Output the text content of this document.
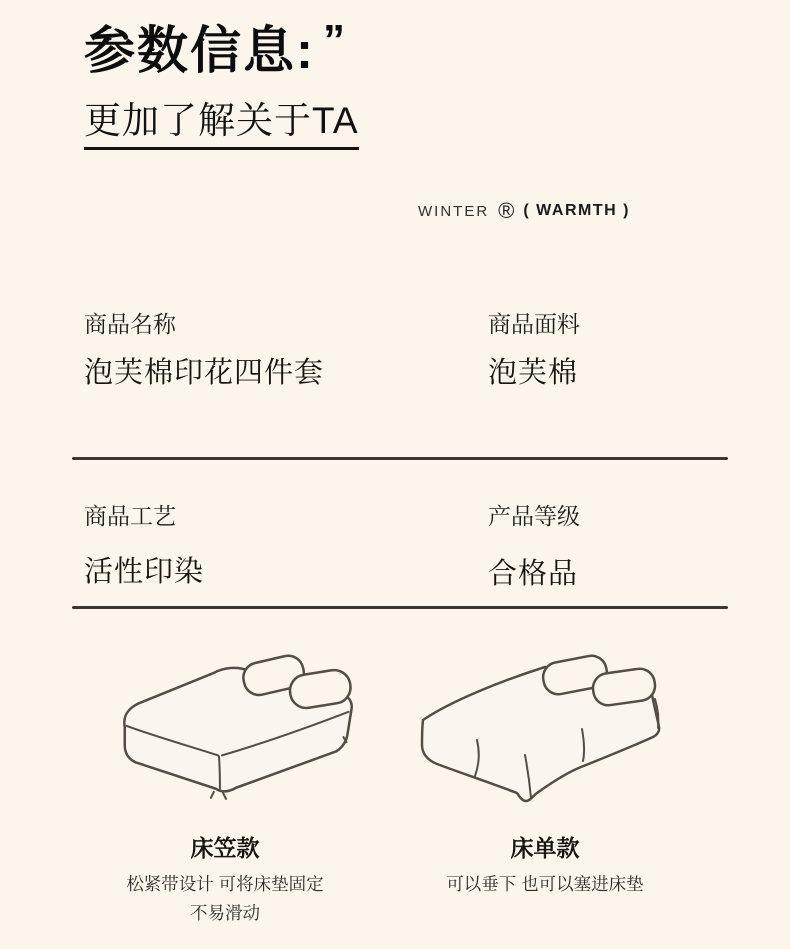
参数信息: ”
更加了解关于TA
WINTER ® ( WARMTH )
商品名称
泡芙棉印花四件套
商品面料
泡芙棉
商品工艺
活性印染
产品等级
合格品
床笠款
松紧带设计 可将床垫固定
不易滑动
床单款
可以垂下 也可以塞进床垫
